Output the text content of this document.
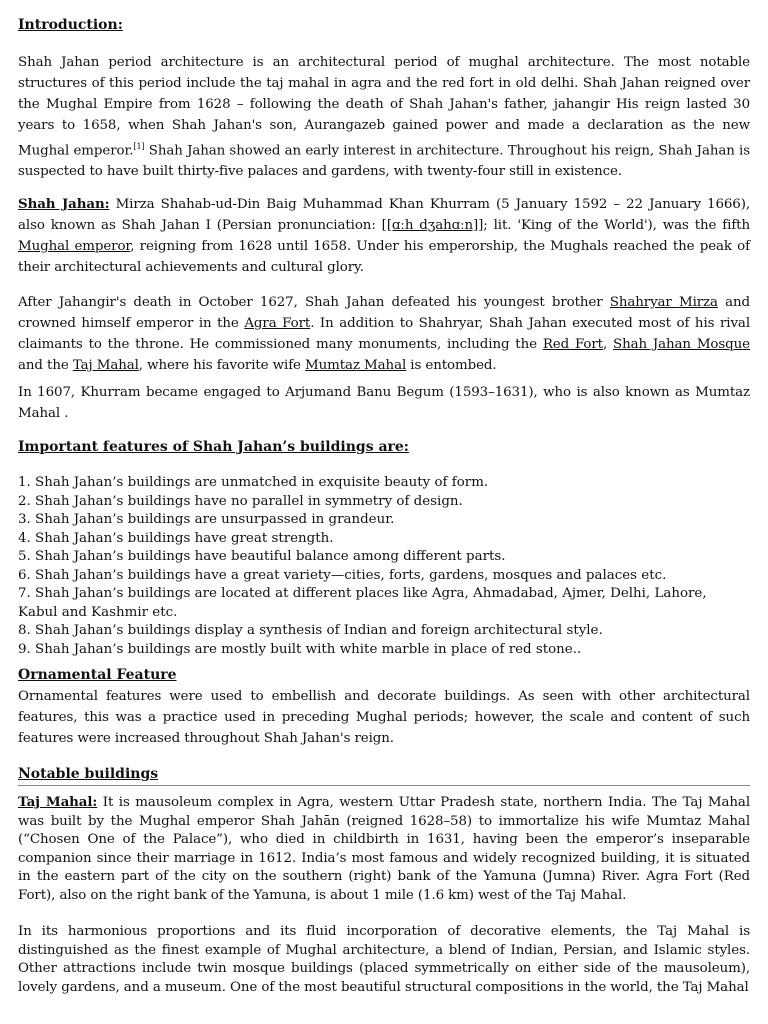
Introduction:

Shah Jahan period architecture is an architectural period of mughal architecture. The most notable structures of this period include the taj mahal in agra and the red fort in old delhi. Shah Jahan reigned over the Mughal Empire from 1628 – following the death of Shah Jahan's father, jahangir His reign lasted 30 years to 1658, when Shah Jahan's son, Aurangazeb gained power and made a declaration as the new Mughal emperor.[1] Shah Jahan showed an early interest in architecture. Throughout his reign, Shah Jahan is suspected to have built thirty-five palaces and gardens, with twenty-four still in existence.

Shah Jahan: Mirza Shahab-ud-Din Baig Muhammad Khan Khurram (5 January 1592 – 22 January 1666), also known as Shah Jahan I (Persian pronunciation: [[ɑːh dʒahɑːn]]; lit. 'King of the World'), was the fifth Mughal emperor, reigning from 1628 until 1658. Under his emperorship, the Mughals reached the peak of their architectural achievements and cultural glory.

After Jahangir's death in October 1627, Shah Jahan defeated his youngest brother Shahryar Mirza and crowned himself emperor in the Agra Fort. In addition to Shahryar, Shah Jahan executed most of his rival claimants to the throne. He commissioned many monuments, including the Red Fort, Shah Jahan Mosque and the Taj Mahal, where his favorite wife Mumtaz Mahal is entombed.

In 1607, Khurram became engaged to Arjumand Banu Begum (1593–1631), who is also known as Mumtaz Mahal .

Important features of Shah Jahan’s buildings are:
1. Shah Jahan’s buildings are unmatched in exquisite beauty of form.
2. Shah Jahan’s buildings have no parallel in symmetry of design.
3. Shah Jahan’s buildings are unsurpassed in grandeur.
4. Shah Jahan’s buildings have great strength.
5. Shah Jahan’s buildings have beautiful balance among different parts.
6. Shah Jahan’s buildings have a great variety—cities, forts, gardens, mosques and palaces etc.
7. Shah Jahan’s buildings are located at different places like Agra, Ahmadabad, Ajmer, Delhi, Lahore, Kabul and Kashmir etc.
8. Shah Jahan’s buildings display a synthesis of Indian and foreign architectural style.
9. Shah Jahan’s buildings are mostly built with white marble in place of red stone..
Ornamental Feature

Ornamental features were used to embellish and decorate buildings. As seen with other architectural features, this was a practice used in preceding Mughal periods; however, the scale and content of such features were increased throughout Shah Jahan's reign.

Notable buildings

Taj Mahal: It is mausoleum complex in Agra, western Uttar Pradesh state, northern India. The Taj Mahal was built by the Mughal emperor Shah Jahān (reigned 1628–58) to immortalize his wife Mumtaz Mahal (“Chosen One of the Palace”), who died in childbirth in 1631, having been the emperor’s inseparable companion since their marriage in 1612. India’s most famous and widely recognized building, it is situated in the eastern part of the city on the southern (right) bank of the Yamuna (Jumna) River. Agra Fort (Red Fort), also on the right bank of the Yamuna, is about 1 mile (1.6 km) west of the Taj Mahal.

In its harmonious proportions and its fluid incorporation of decorative elements, the Taj Mahal is distinguished as the finest example of Mughal architecture, a blend of Indian, Persian, and Islamic styles. Other attractions include twin mosque buildings (placed symmetrically on either side of the mausoleum), lovely gardens, and a museum. One of the most beautiful structural compositions in the world, the Taj Mahal
